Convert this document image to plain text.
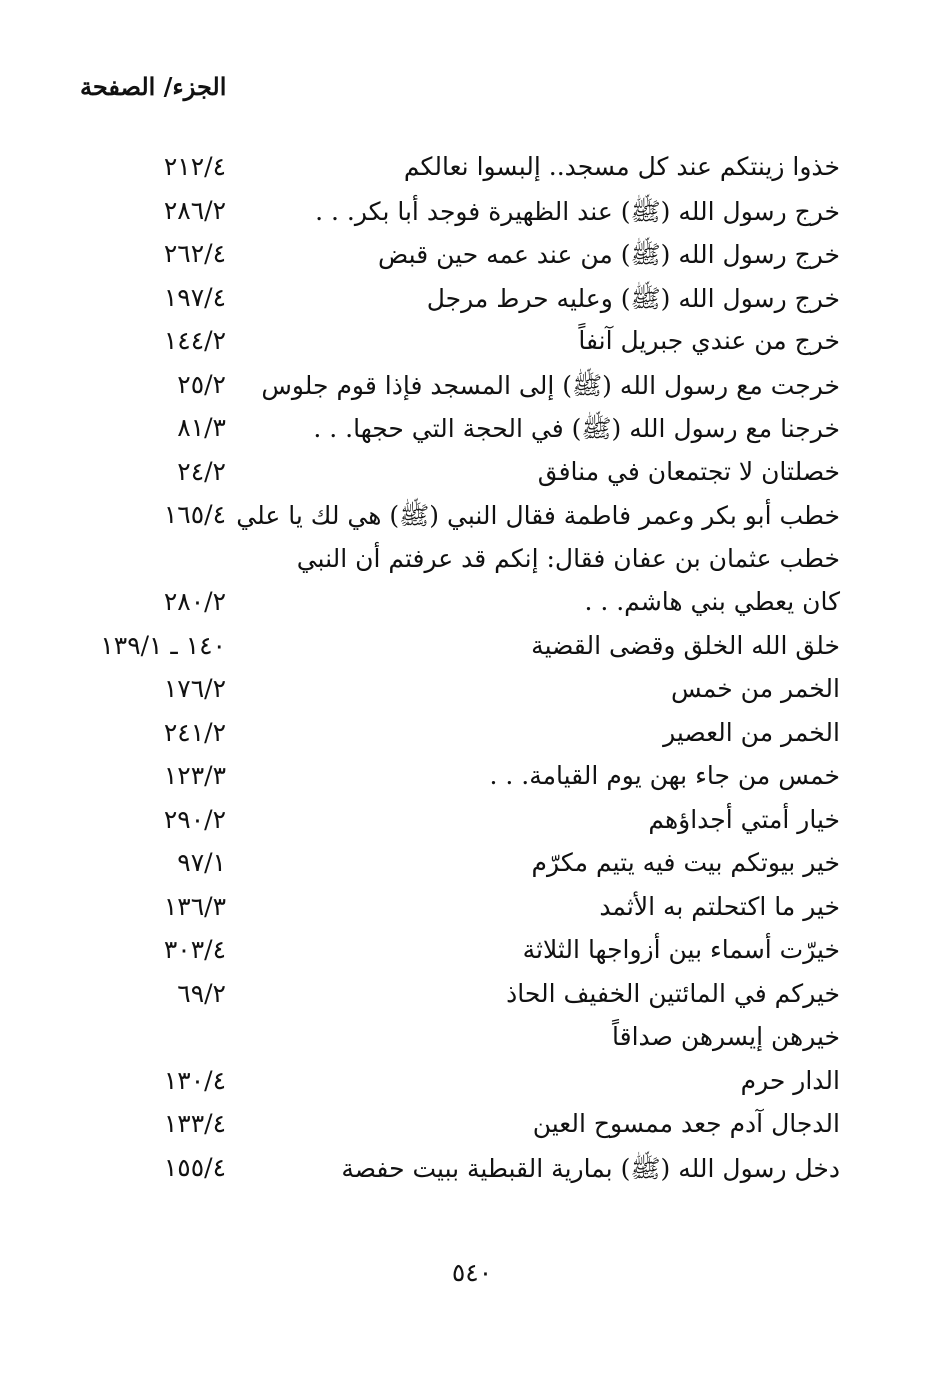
الجزء/ الصفحة
خذوا زينتكم عند كل مسجد.. إلبسوا نعالكم
٢١٢/٤
خرج رسول الله (ﷺ) عند الظهيرة فوجد أبا بكر. . .
٢٨٦/٢
خرج رسول الله (ﷺ) من عند عمه حين قبض
٢٦٢/٤
خرج رسول الله (ﷺ) وعليه حرط مرجل
١٩٧/٤
خرج من عندي جبريل آنفاً
١٤٤/٢
خرجت مع رسول الله (ﷺ) إلى المسجد فإذا قوم جلوس
٢٥/٢
خرجنا مع رسول الله (ﷺ) في الحجة التي حجها. . .
٨١/٣
خصلتان لا تجتمعان في منافق
٢٤/٢
خطب أبو بكر وعمر فاطمة فقال النبي (ﷺ) هي لك يا علي
١٦٥/٤
خطب عثمان بن عفان فقال: إنكم قد عرفتم أن النبي
كان يعطي بني هاشم. . .
٢٨٠/٢
خلق الله الخلق وقضى القضية
١٤٠ ـ ١٣٩/١
الخمر من خمس
١٧٦/٢
الخمر من العصير
٢٤١/٢
خمس من جاء بهن يوم القيامة. . .
١٢٣/٣
خيار أمتي أجداؤهم
٢٩٠/٢
خير بيوتكم بيت فيه يتيم مكرّم
٩٧/١
خير ما اكتحلتم به الأثمد
١٣٦/٣
خيرّت أسماء بين أزواجها الثلاثة
٣٠٣/٤
خيركم في المائتين الخفيف الحاذ
٦٩/٢
خيرهن إيسرهن صداقاً
الدار حرم
١٣٠/٤
الدجال آدم جعد ممسوح العين
١٣٣/٤
دخل رسول الله (ﷺ) بمارية القبطية ببيت حفصة
١٥٥/٤
٥٤٠
